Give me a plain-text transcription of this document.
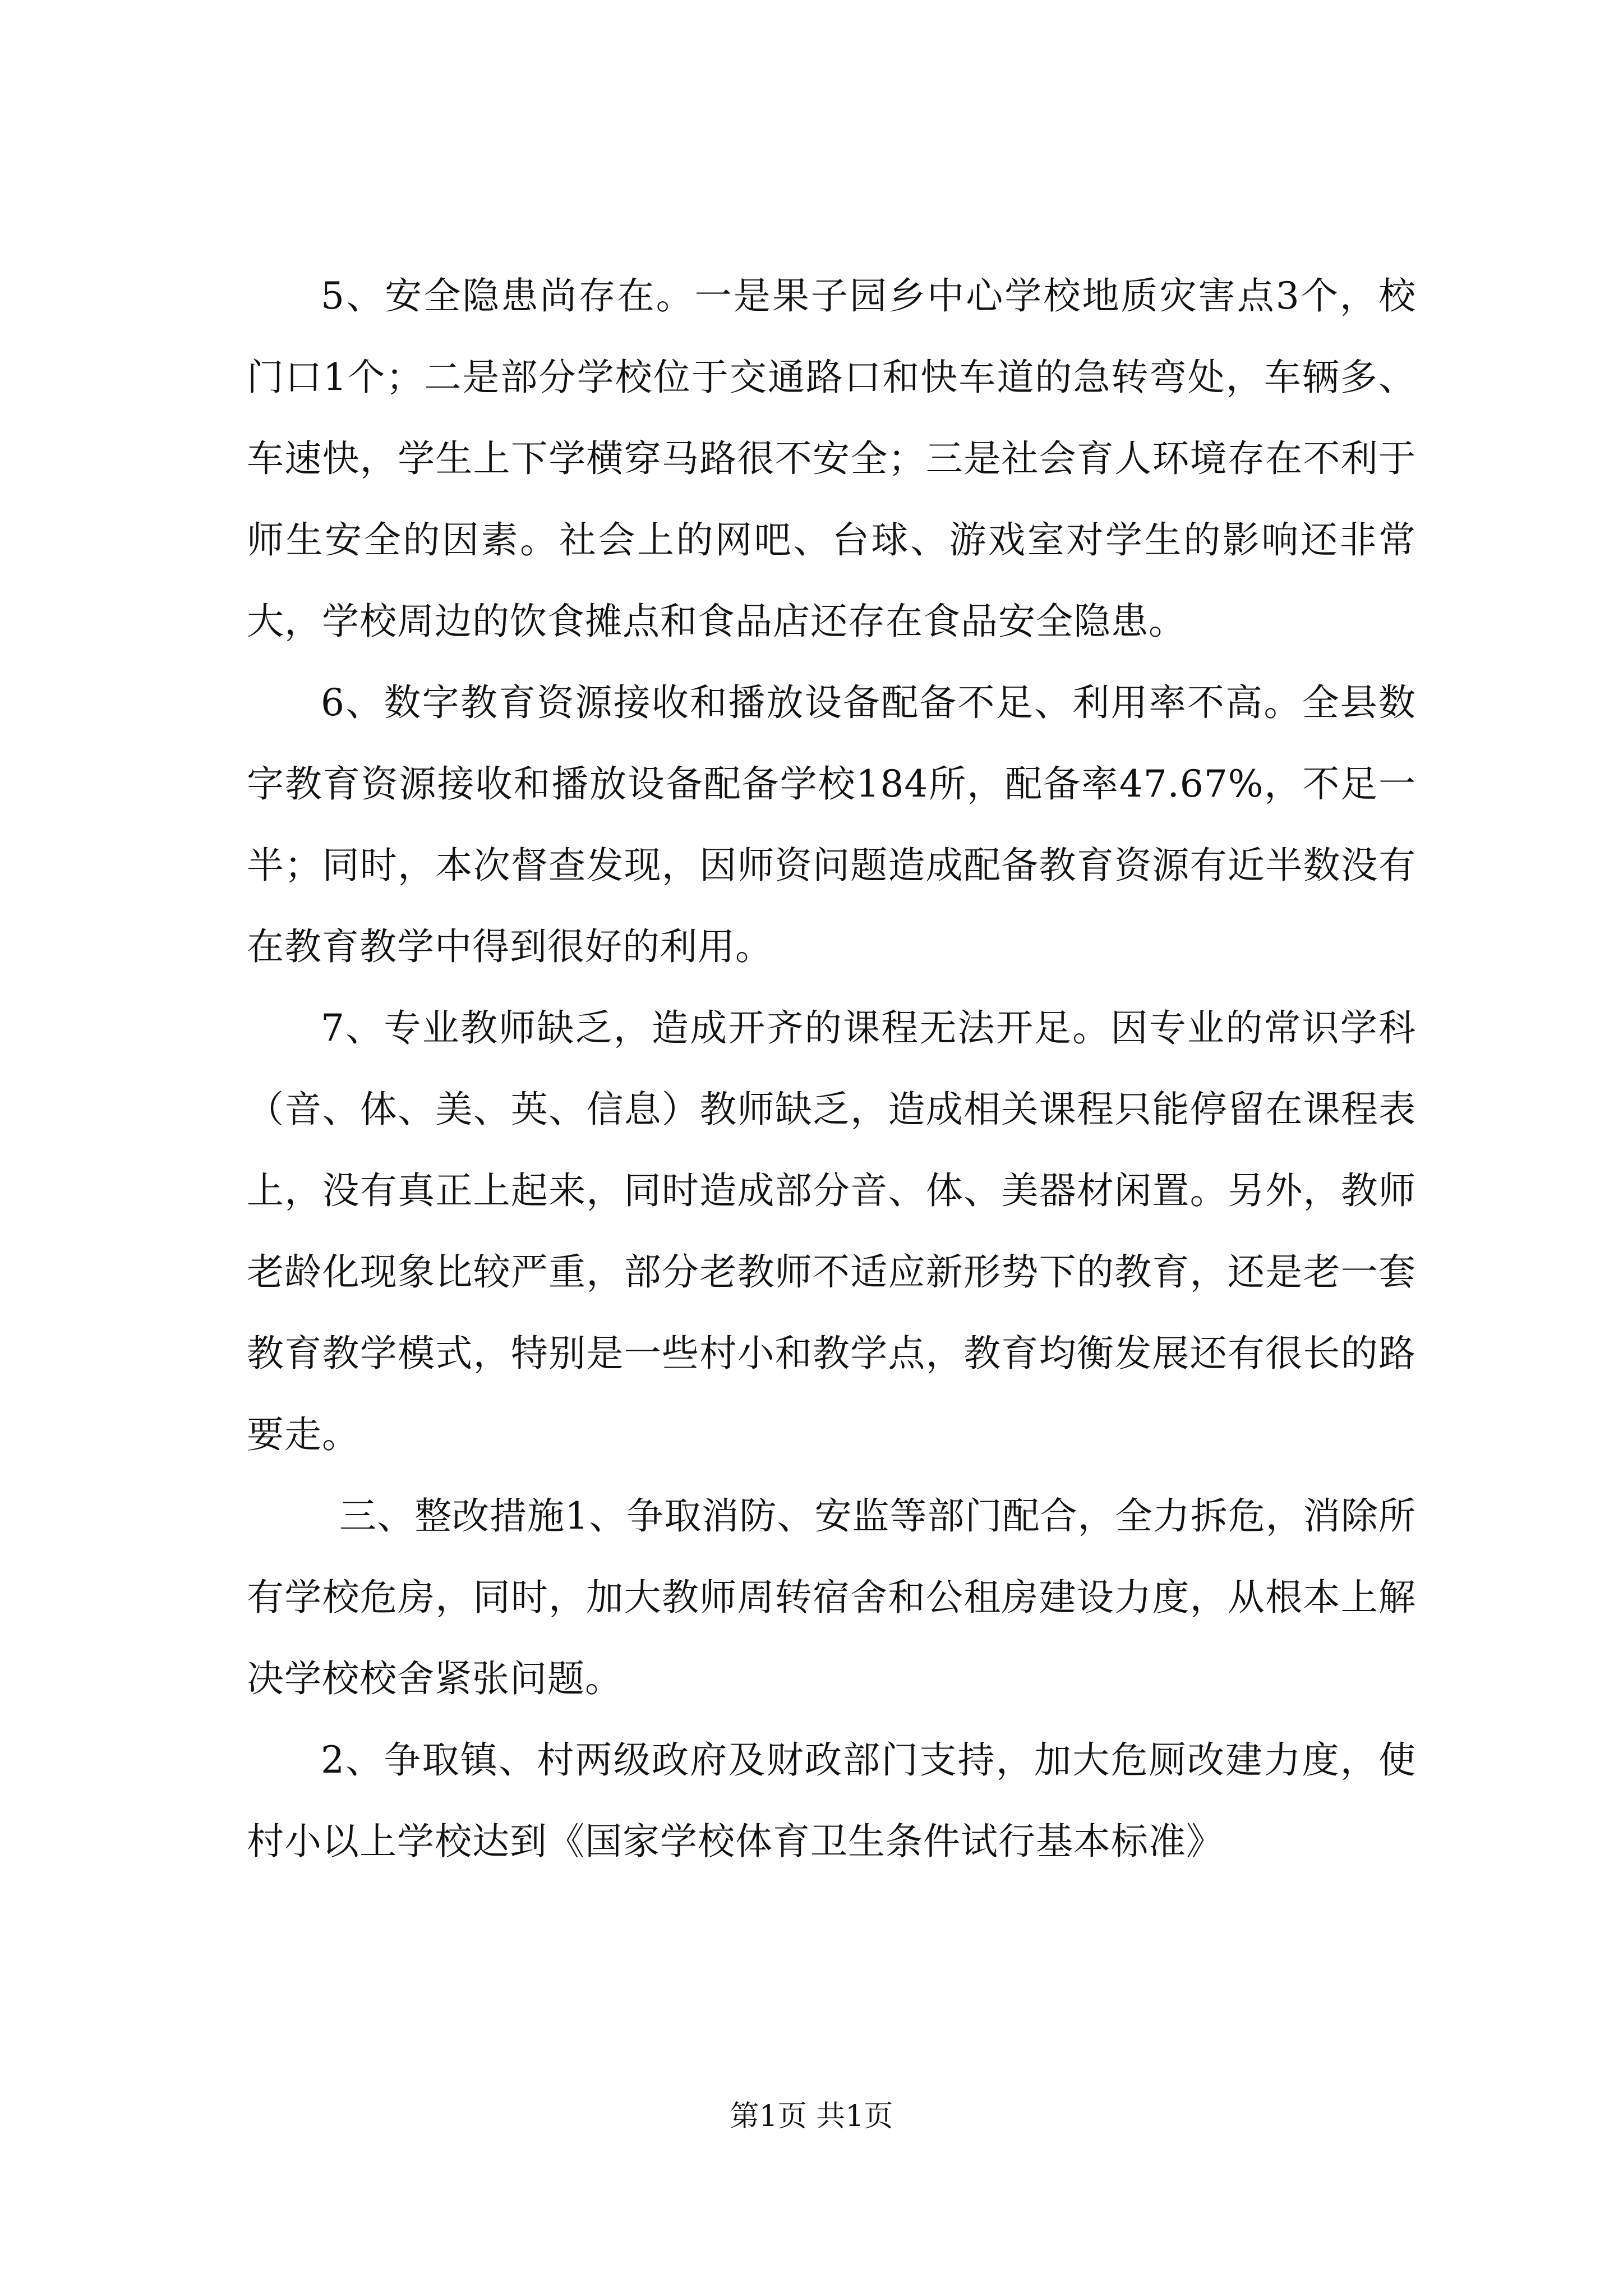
5、安全隐患尚存在。一是果子园乡中心学校地质灾害点3个，校门口1个；二是部分学校位于交通路口和快车道的急转弯处，车辆多、车速快，学生上下学横穿马路很不安全；三是社会育人环境存在不利于师生安全的因素。社会上的网吧、台球、游戏室对学生的影响还非常大，学校周边的饮食摊点和食品店还存在食品安全隐患。

6、数字教育资源接收和播放设备配备不足、利用率不高。全县数字教育资源接收和播放设备配备学校184所，配备率47.67%，不足一半；同时，本次督查发现，因师资问题造成配备教育资源有近半数没有在教育教学中得到很好的利用。

7、专业教师缺乏，造成开齐的课程无法开足。因专业的常识学科（音、体、美、英、信息）教师缺乏，造成相关课程只能停留在课程表上，没有真正上起来，同时造成部分音、体、美器材闲置。另外，教师老龄化现象比较严重，部分老教师不适应新形势下的教育，还是老一套教育教学模式，特别是一些村小和教学点，教育均衡发展还有很长的路要走。

三、整改措施1、争取消防、安监等部门配合，全力拆危，消除所有学校危房，同时，加大教师周转宿舍和公租房建设力度，从根本上解决学校校舍紧张问题。

2、争取镇、村两级政府及财政部门支持，加大危厕改建力度，使村小以上学校达到《国家学校体育卫生条件试行基本标准》

第1页 共1页
